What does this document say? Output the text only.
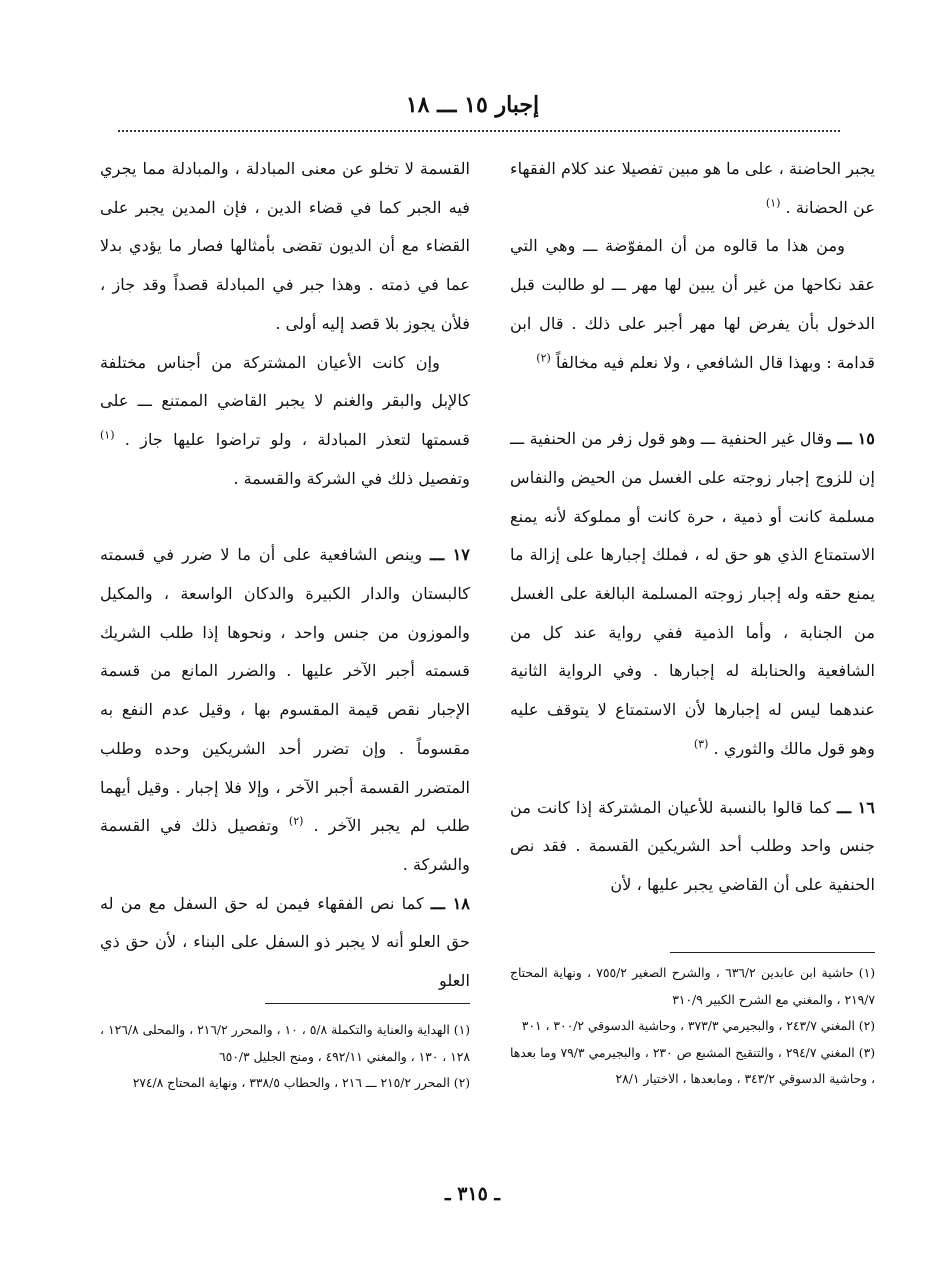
إجبار ١٥ ـــ ١٨

يجبر الحاضنة ، على ما هو مبين تفصيلا عند كلام الفقهاء عن الحضانة . $^{(١)}$

ومن هذا ما قالوه من أن المفوّضة ـــ وهي التي عقد نكاحها من غير أن يبين لها مهر ـــ لو طالبت قبل الدخول بأن يفرض لها مهر أجبر على ذلك . قال ابن قدامة : وبهذا قال الشافعي ، ولا نعلم فيه مخالفاً $^{(٢)}$

١٥ ـــ وقال غير الحنفية ـــ وهو قول زفر من الحنفية ـــ إن للزوج إجبار زوجته على الغسل من الحيض والنفاس مسلمة كانت أو ذمية ، حرة كانت أو مملوكة لأنه يمنع الاستمتاع الذي هو حق له ، فملك إجبارها على إزالة ما يمنع حقه وله إجبار زوجته المسلمة البالغة على الغسل من الجنابة ، وأما الذمية ففي رواية عند كل من الشافعية والحنابلة له إجبارها . وفي الرواية الثانية عندهما ليس له إجبارها لأن الاستمتاع لا يتوقف عليه وهو قول مالك والثوري . $^{(٣)}$

١٦ ـــ كما قالوا بالنسبة للأعيان المشتركة إذا كانت من جنس واحد وطلب أحد الشريكين القسمة . فقد نص الحنفية على أن القاضي يجبر عليها ، لأن

القسمة لا تخلو عن معنى المبادلة ، والمبادلة مما يجري فيه الجبر كما في قضاء الدين ، فإن المدين يجبر على القضاء مع أن الديون تقضى بأمثالها فصار ما يؤدي بدلا عما في ذمته . وهذا جبر في المبادلة قصداً وقد جاز ، فلأن يجوز بلا قصد إليه أولى .

وإن كانت الأعيان المشتركة من أجناس مختلفة كالإبل والبقر والغنم لا يجبر القاضي الممتنع ـــ على قسمتها لتعذر المبادلة ، ولو تراضوا عليها جاز . $^{(١)}$ وتفصيل ذلك في الشركة والقسمة .

١٧ ـــ وينص الشافعية على أن ما لا ضرر في قسمته كالبستان والدار الكبيرة والدكان الواسعة ، والمكيل والموزون من جنس واحد ، ونحوها إذا طلب الشريك قسمته أجبر الآخر عليها . والضرر المانع من قسمة الإجبار نقص قيمة المقسوم بها ، وقيل عدم النفع به مقسوماً . وإن تضرر أحد الشريكين وحده وطلب المتضرر القسمة أجبر الآخر ، وإلا فلا إجبار . وقيل أيهما طلب لم يجبر الآخر . $^{(٢)}$ وتفصيل ذلك في القسمة والشركة .

١٨ ـــ كما نص الفقهاء فيمن له حق السفل مع من له حق العلو أنه لا يجبر ذو السفل على البناء ، لأن حق ذي العلو	(١) حاشية ابن عابدين ٦٣٦/٢ ، والشرح الصغير ٧٥٥/٢ ، ونهاية المحتاج ٢١٩/٧ ، والمغني مع الشرح الكبير ٣١٠/٩

(٢) المغني ٢٤٣/٧ ، والبجيرمي ٣٧٣/٣ ، وحاشية الدسوقي ٣٠٠/٢ ، ٣٠١

(٣) المغني ٢٩٤/٧ ، والتنقيح المشبع ص ٢٣٠ ، والبجيرمي ٧٩/٣ وما بعدها ، وحاشية الدسوقي ٣٤٣/٢ ، ومابعدها ، الاختيار ٢٨/١

(١) الهداية والعناية والتكملة ٥/٨ ، ١٠ ، والمحرر ٢١٦/٢ ، والمحلى ١٢٦/٨ ، ١٢٨ ، ١٣٠ ، والمغني ٤٩٢/١١ ، ومنح الجليل ٦٥٠/٣

(٢) المحرر ٢١٥/٢ ـــ ٢١٦ ، والحطاب ٣٣٨/٥ ، ونهاية المحتاج ٢٧٤/٨

ـ ٣١٥ ـ
